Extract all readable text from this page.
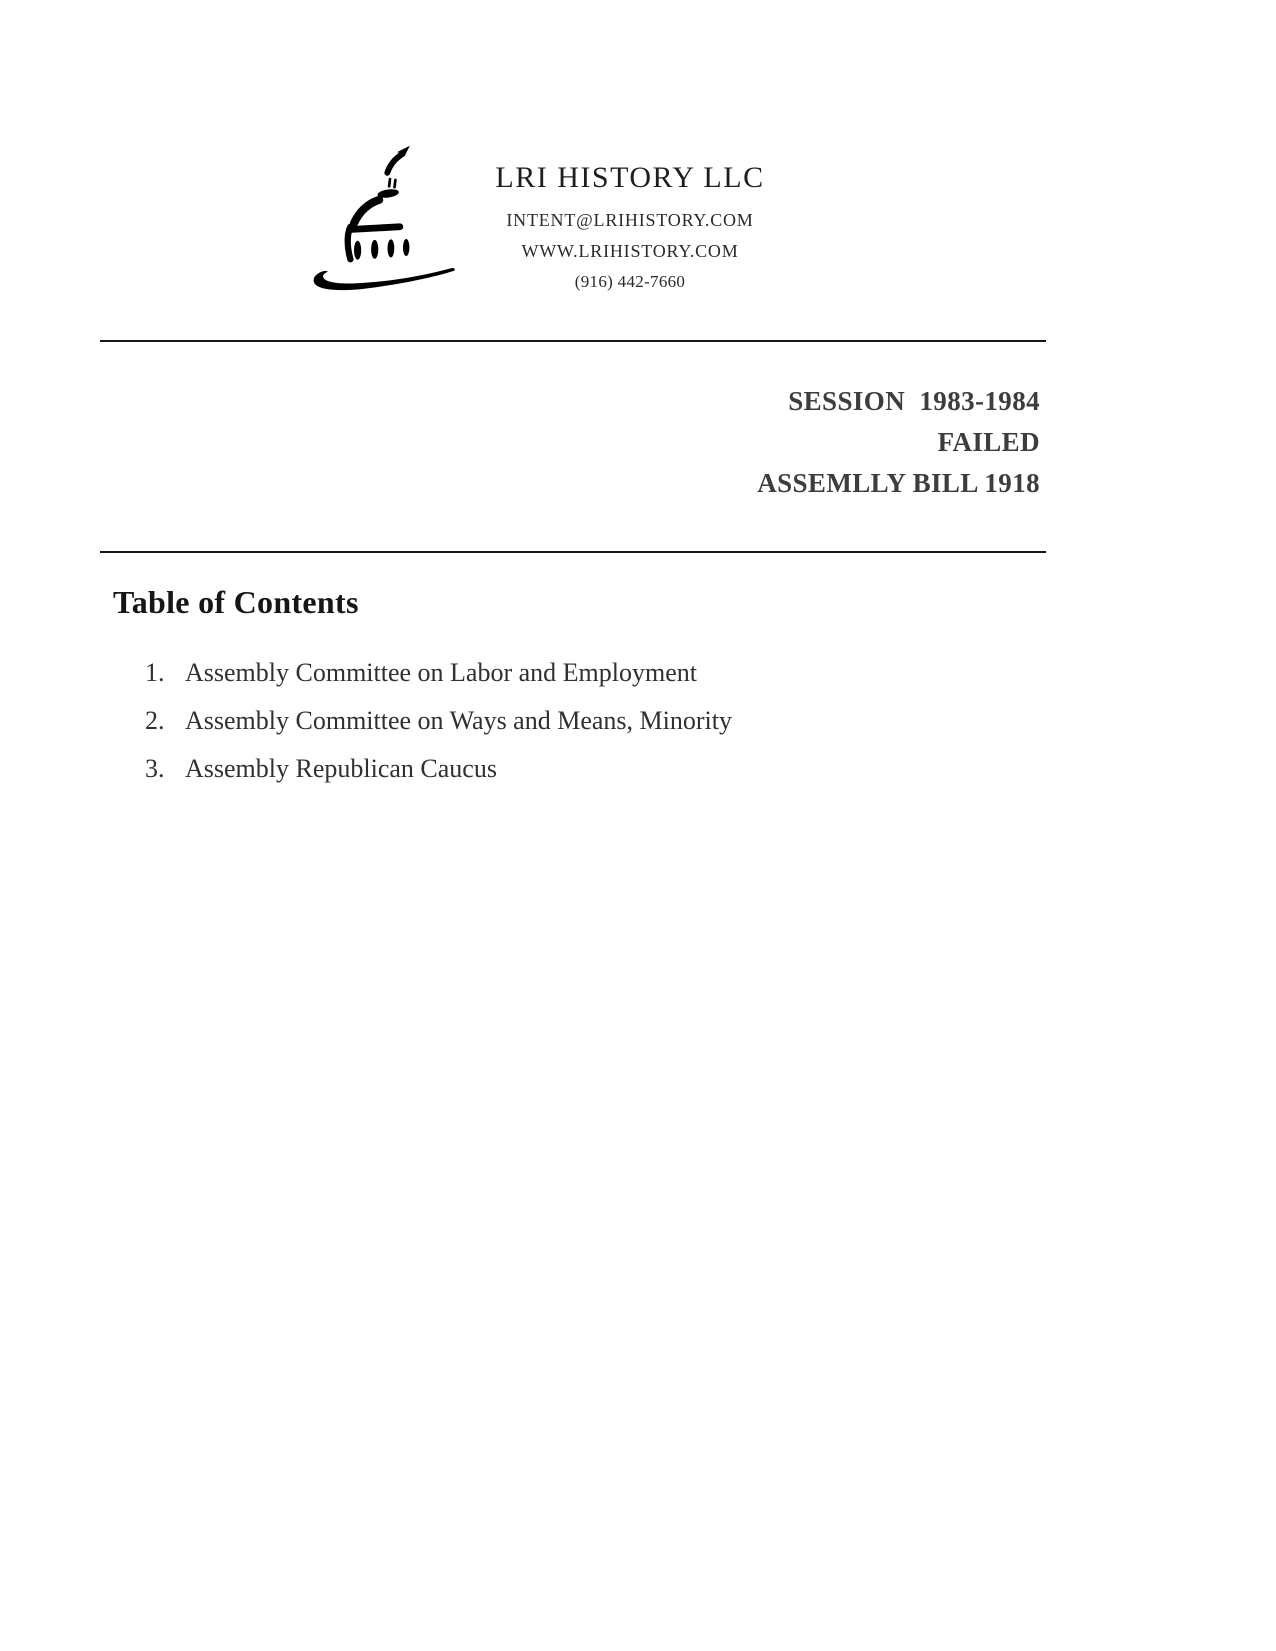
LRI HISTORY LLC
INTENT@LRIHISTORY.COM
WWW.LRIHISTORY.COM
(916) 442-7660
SESSION  1983-1984
FAILED
ASSEMLLY BILL 1918
Table of Contents
1. Assembly Committee on Labor and Employment
2. Assembly Committee on Ways and Means, Minority
3. Assembly Republican Caucus
